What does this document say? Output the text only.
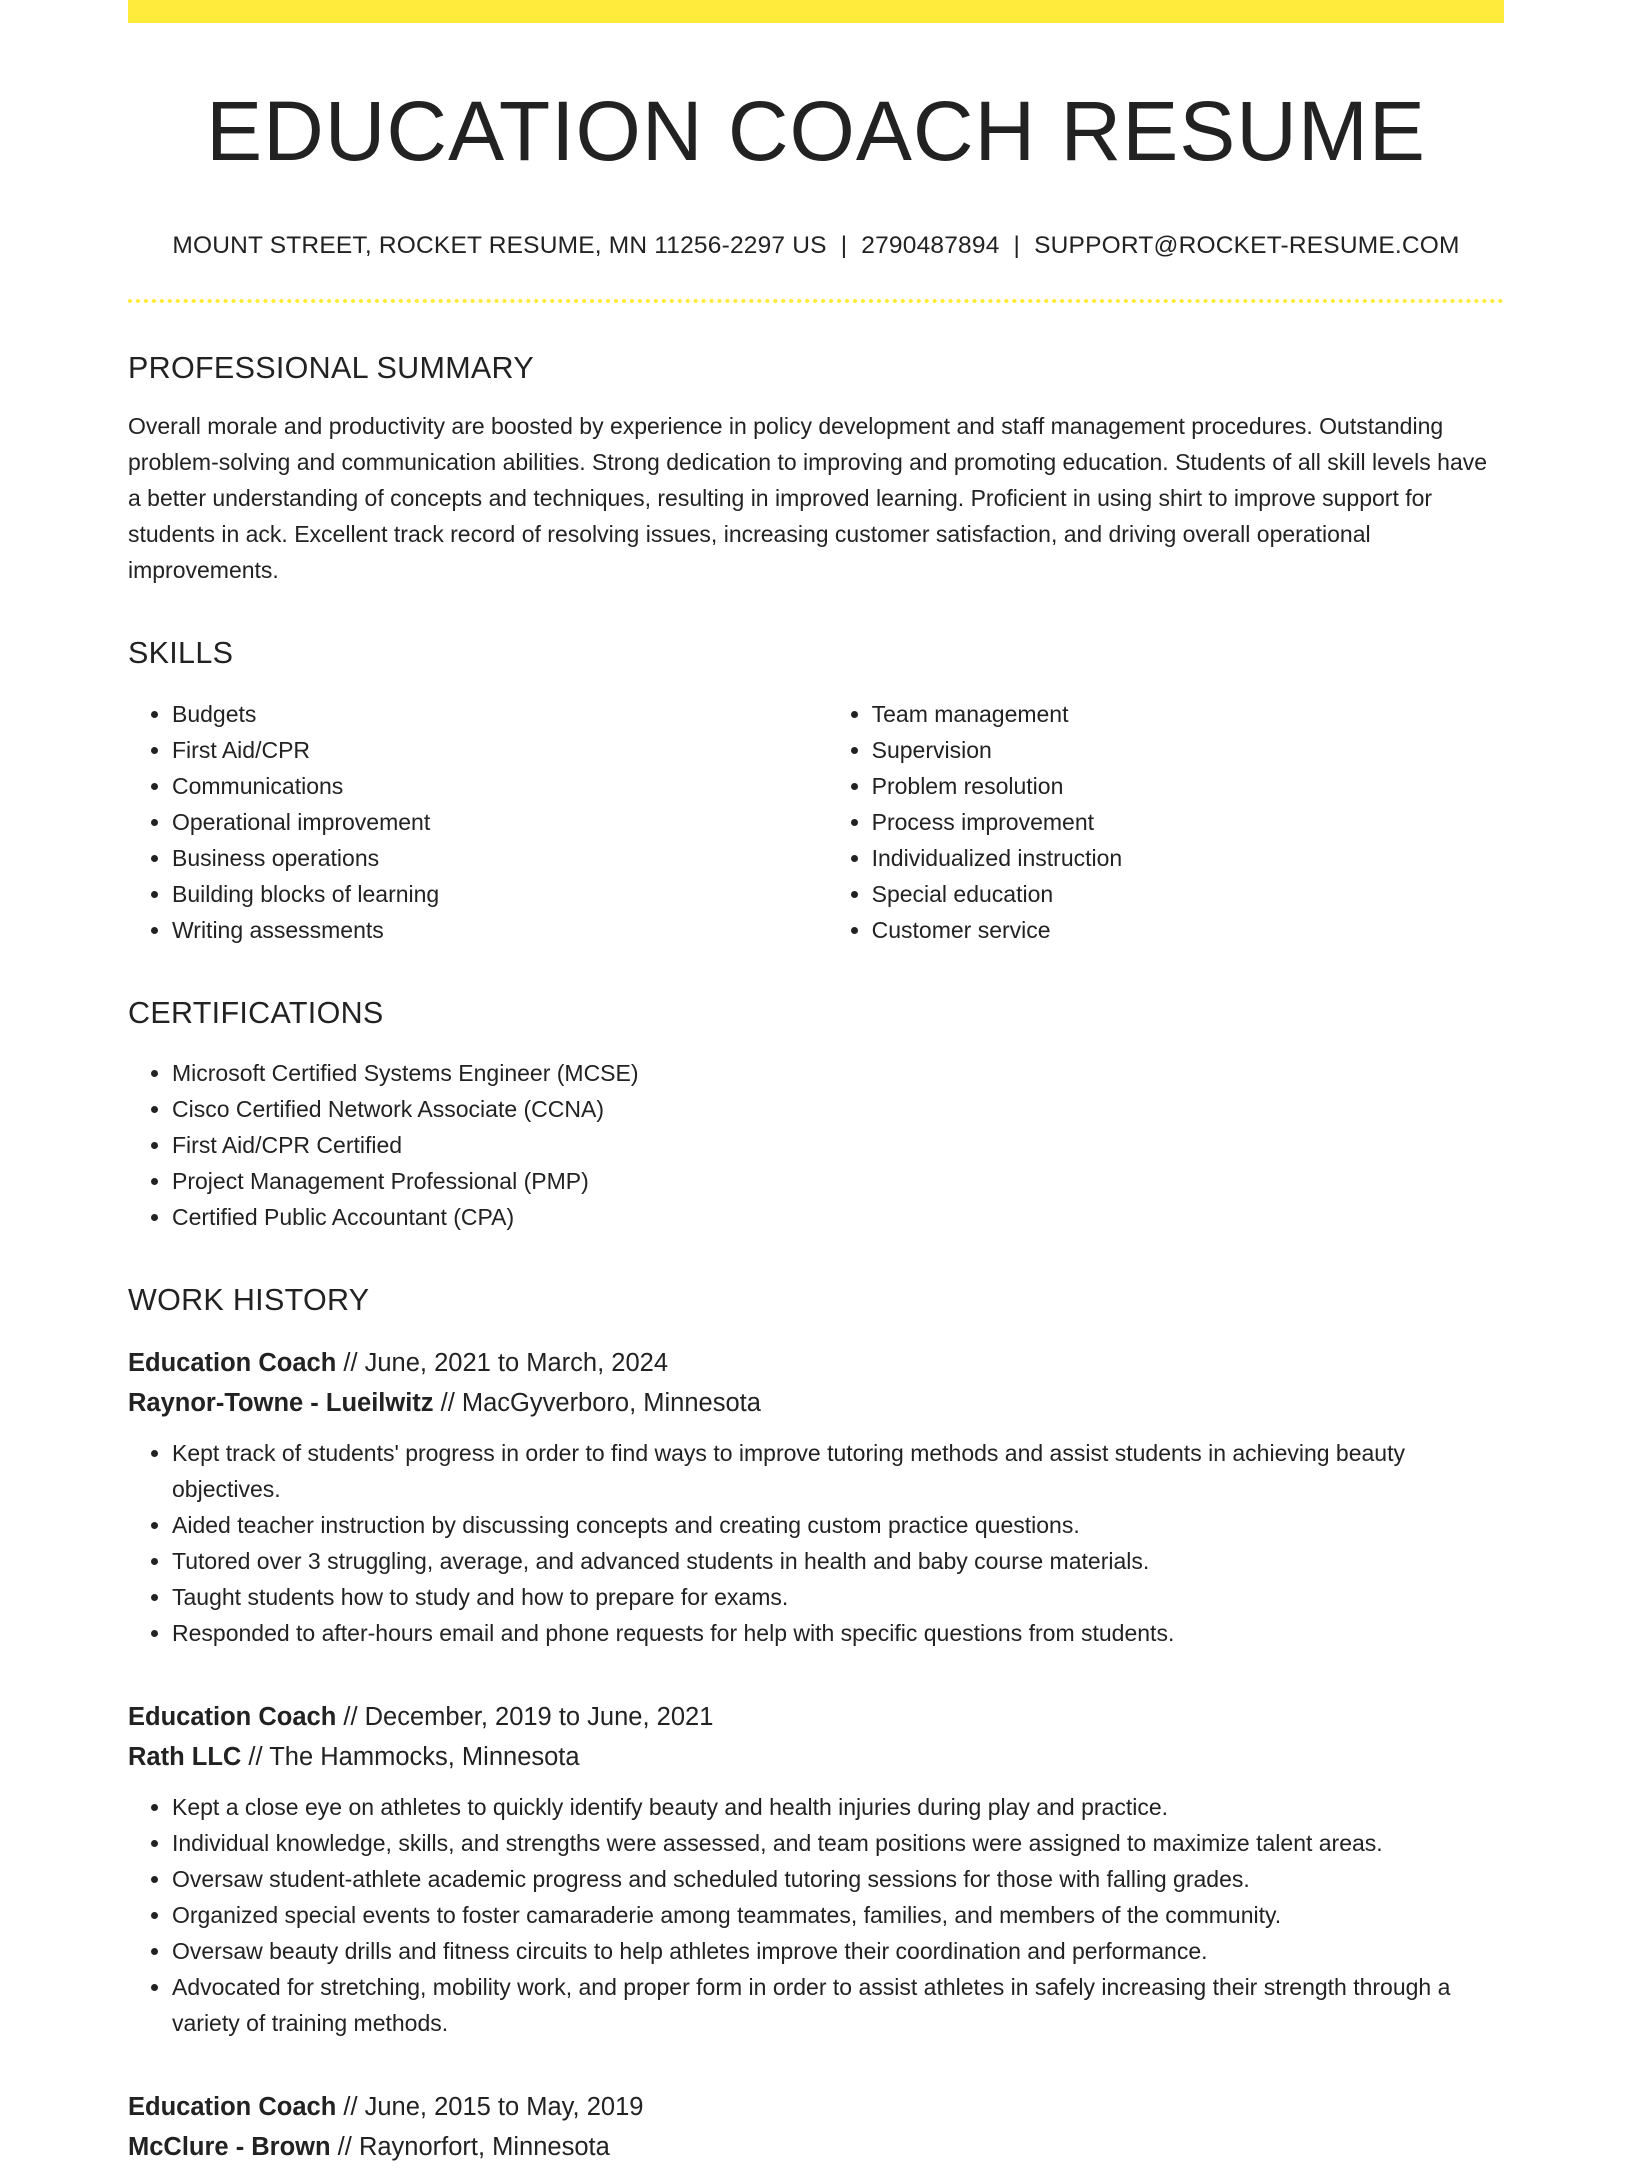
EDUCATION COACH RESUME
MOUNT STREET, ROCKET RESUME, MN 11256-2297 US | 2790487894 | SUPPORT@ROCKET-RESUME.COM
PROFESSIONAL SUMMARY
Overall morale and productivity are boosted by experience in policy development and staff management procedures. Outstanding problem-solving and communication abilities. Strong dedication to improving and promoting education. Students of all skill levels have a better understanding of concepts and techniques, resulting in improved learning. Proficient in using shirt to improve support for students in ack. Excellent track record of resolving issues, increasing customer satisfaction, and driving overall operational improvements.
SKILLS
• Budgets
• First Aid/CPR
• Communications
• Operational improvement
• Business operations
• Building blocks of learning
• Writing assessments
• Team management
• Supervision
• Problem resolution
• Process improvement
• Individualized instruction
• Special education
• Customer service
CERTIFICATIONS
• Microsoft Certified Systems Engineer (MCSE)
• Cisco Certified Network Associate (CCNA)
• First Aid/CPR Certified
• Project Management Professional (PMP)
• Certified Public Accountant (CPA)
WORK HISTORY
Education Coach // June, 2021 to March, 2024
Raynor-Towne - Lueilwitz // MacGyverboro, Minnesota
• Kept track of students' progress in order to find ways to improve tutoring methods and assist students in achieving beauty objectives.
• Aided teacher instruction by discussing concepts and creating custom practice questions.
• Tutored over 3 struggling, average, and advanced students in health and baby course materials.
• Taught students how to study and how to prepare for exams.
• Responded to after-hours email and phone requests for help with specific questions from students.
Education Coach // December, 2019 to June, 2021
Rath LLC // The Hammocks, Minnesota
• Kept a close eye on athletes to quickly identify beauty and health injuries during play and practice.
• Individual knowledge, skills, and strengths were assessed, and team positions were assigned to maximize talent areas.
• Oversaw student-athlete academic progress and scheduled tutoring sessions for those with falling grades.
• Organized special events to foster camaraderie among teammates, families, and members of the community.
• Oversaw beauty drills and fitness circuits to help athletes improve their coordination and performance.
• Advocated for stretching, mobility work, and proper form in order to assist athletes in safely increasing their strength through a variety of training methods.
Education Coach // June, 2015 to May, 2019
McClure - Brown // Raynorfort, Minnesota
